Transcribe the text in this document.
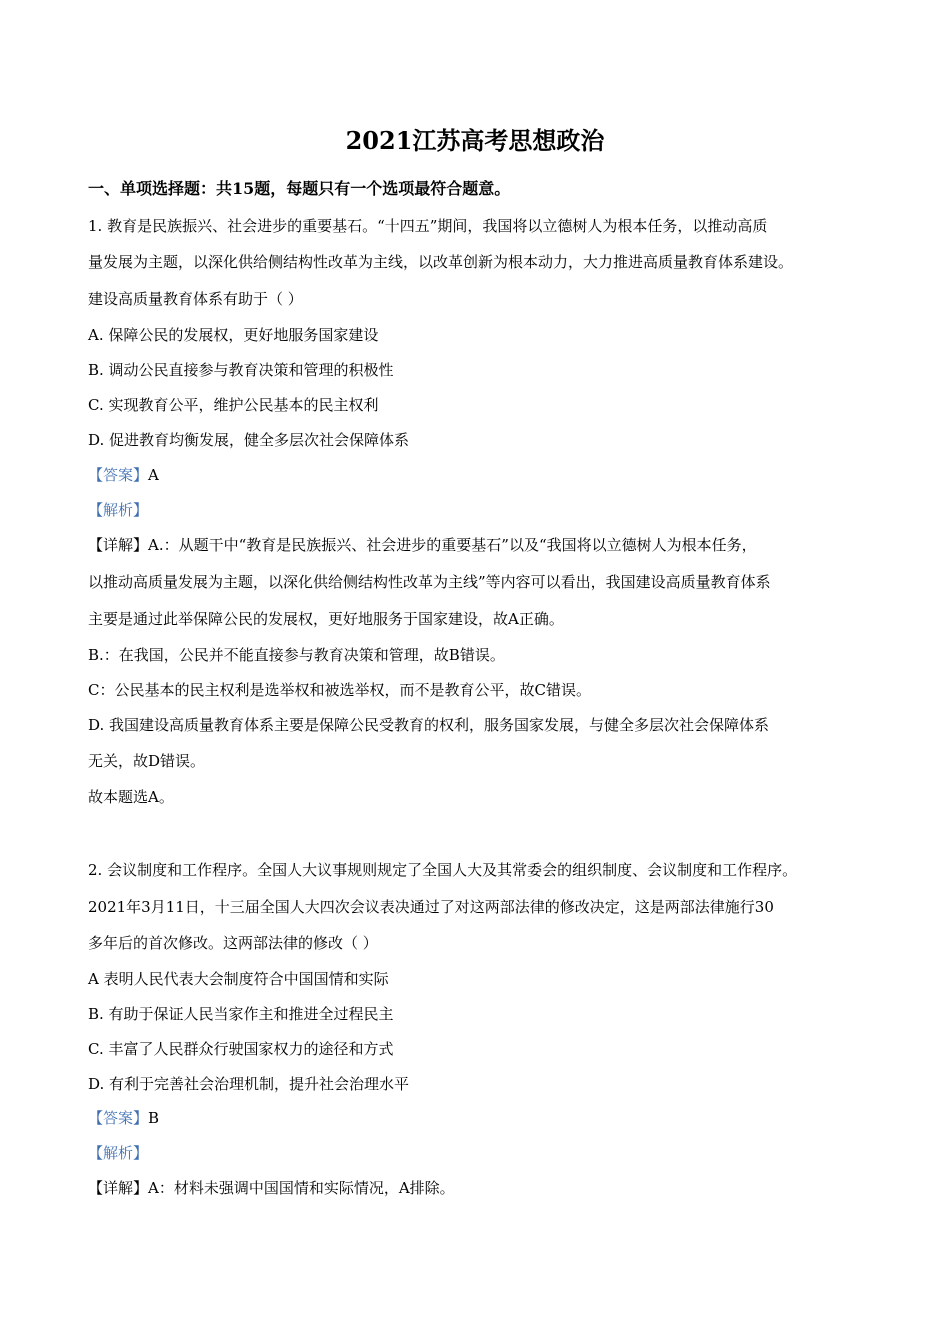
2021江苏高考思想政治
一、单项选择题：共15题，每题只有一个选项最符合题意。
1. 教育是民族振兴、社会进步的重要基石。“十四五”期间，我国将以立德树人为根本任务，以推动高质
量发展为主题，以深化供给侧结构性改革为主线，以改革创新为根本动力，大力推进高质量教育体系建设。
建设高质量教育体系有助于（ ）
A. 保障公民的发展权，更好地服务国家建设
B. 调动公民直接参与教育决策和管理的积极性
C. 实现教育公平，维护公民基本的民主权利
D. 促进教育均衡发展，健全多层次社会保障体系
【答案】A
【解析】
【详解】A.：从题干中“教育是民族振兴、社会进步的重要基石”以及“我国将以立德树人为根本任务，
以推动高质量发展为主题，以深化供给侧结构性改革为主线”等内容可以看出，我国建设高质量教育体系
主要是通过此举保障公民的发展权，更好地服务于国家建设，故A正确。
B.：在我国，公民并不能直接参与教育决策和管理，故B错误。
C：公民基本的民主权利是选举权和被选举权，而不是教育公平，故C错误。
D. 我国建设高质量教育体系主要是保障公民受教育的权利，服务国家发展，与健全多层次社会保障体系
无关，故D错误。
故本题选A。
2. 会议制度和工作程序。全国人大议事规则规定了全国人大及其常委会的组织制度、会议制度和工作程序。
2021年3月11日，十三届全国人大四次会议表决通过了对这两部法律的修改决定，这是两部法律施行30
多年后的首次修改。这两部法律的修改（ ）
A 表明人民代表大会制度符合中国国情和实际
B. 有助于保证人民当家作主和推进全过程民主
C. 丰富了人民群众行驶国家权力的途径和方式
D. 有利于完善社会治理机制，提升社会治理水平
【答案】B
【解析】
【详解】A：材料未强调中国国情和实际情况，A排除。
